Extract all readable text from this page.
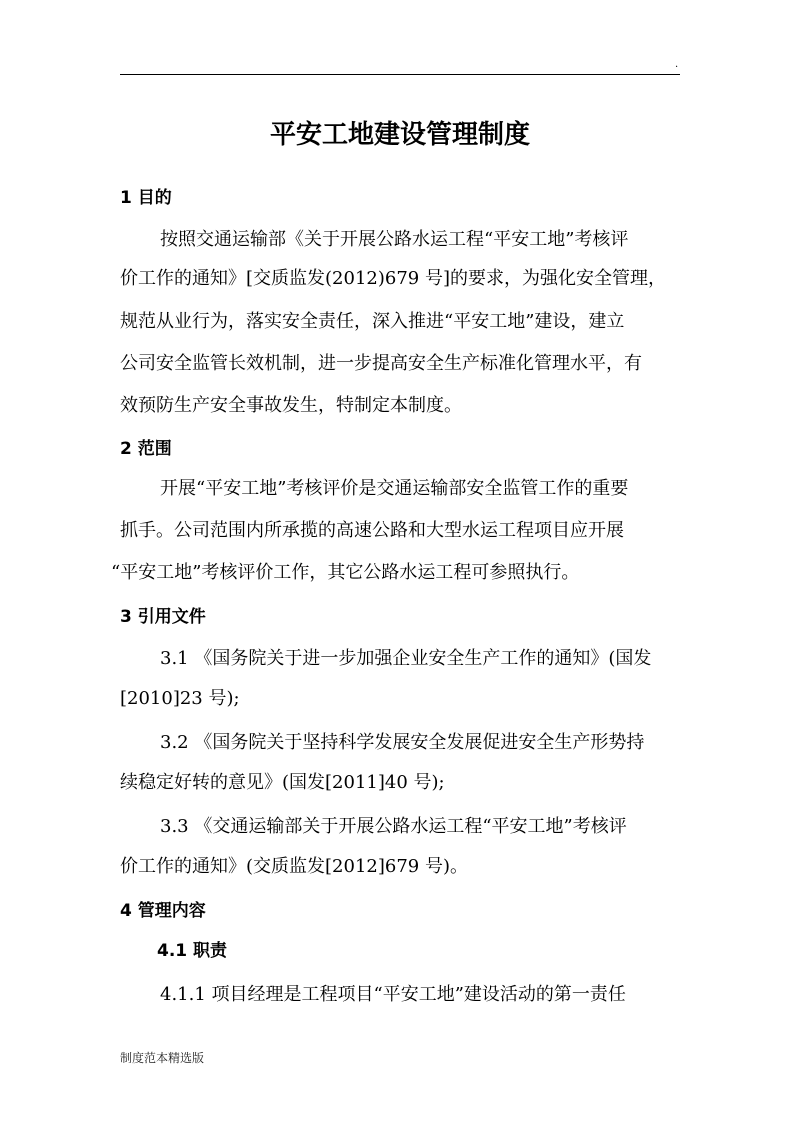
.
平安工地建设管理制度
1 目的
按照交通运输部《关于开展公路水运工程“平安工地”考核评
价工作的通知》[交质监发(2012)679 号]的要求，为强化安全管理，
规范从业行为，落实安全责任，深入推进“平安工地”建设，建立
公司安全监管长效机制，进一步提高安全生产标准化管理水平，有
效预防生产安全事故发生，特制定本制度。
2 范围
开展“平安工地”考核评价是交通运输部安全监管工作的重要
抓手。公司范围内所承揽的高速公路和大型水运工程项目应开展
“平安工地”考核评价工作，其它公路水运工程可参照执行。
3 引用文件
3.1 《国务院关于进一步加强企业安全生产工作的通知》(国发
[2010]23 号);
3.2 《国务院关于坚持科学发展安全发展促进安全生产形势持
续稳定好转的意见》(国发[2011]40 号);
3.3 《交通运输部关于开展公路水运工程“平安工地”考核评
价工作的通知》(交质监发[2012]679 号)。
4 管理内容
4.1 职责
4.1.1 项目经理是工程项目“平安工地”建设活动的第一责任
制度范本精选版
